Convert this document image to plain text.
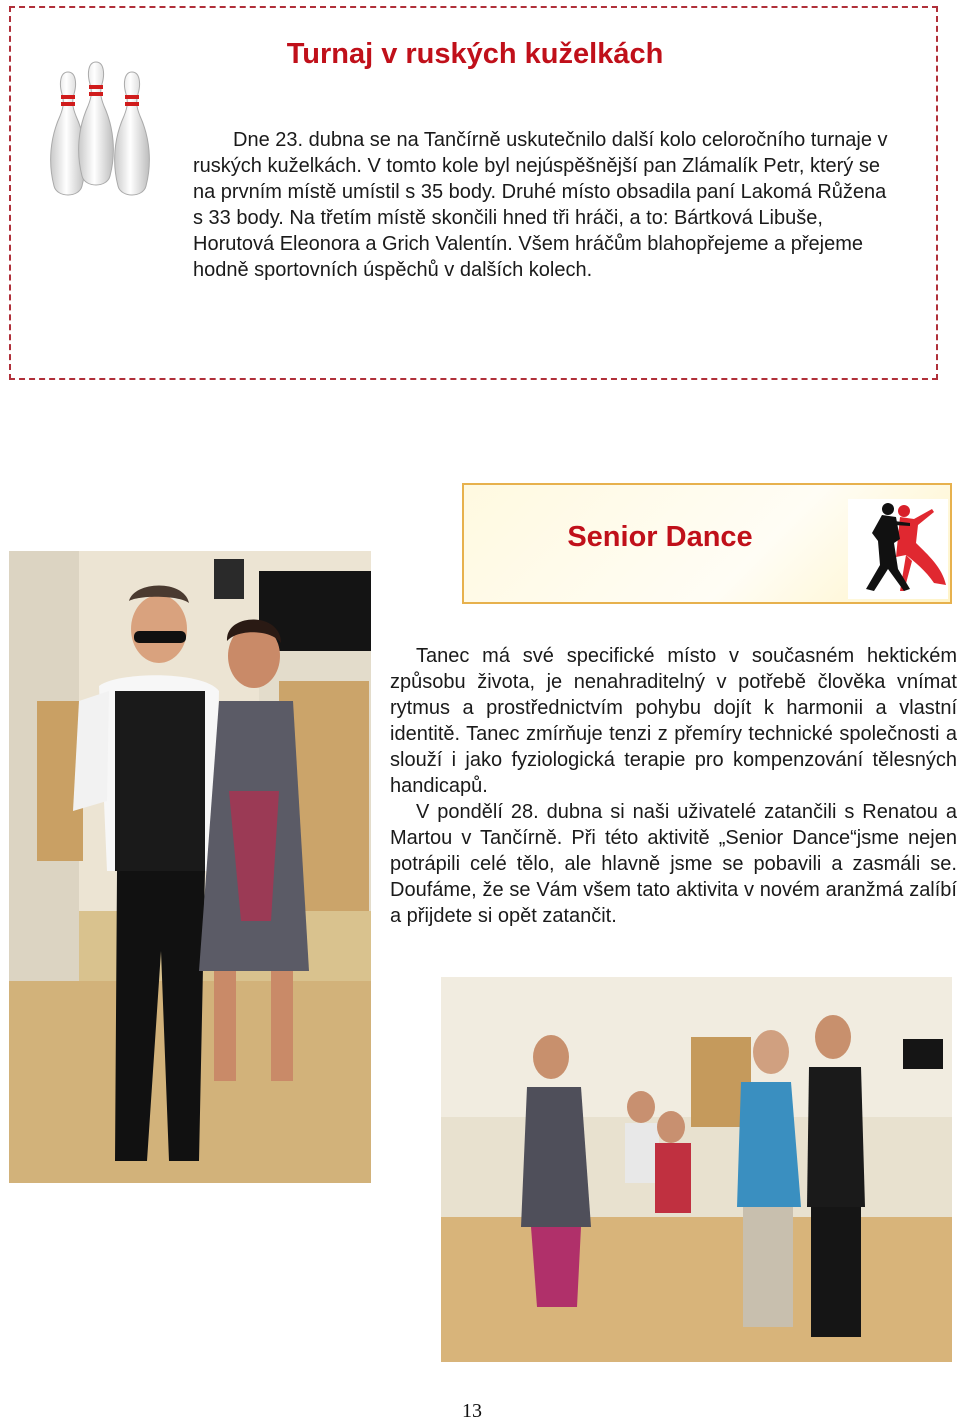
Turnaj v ruských kuželkách
Dne 23. dubna se na Tančírně uskutečnilo další kolo celoročního turnaje v ruských kuželkách. V tomto kole byl nejúspěšnější pan Zlámalík Petr, který se na prvním místě umístil s 35 body. Druhé místo obsadila paní Lakomá Růžena s 33 body. Na třetím místě skončili hned tři hráči, a to: Bártková Libuše, Horutová Eleonora a Grich Valentín. Všem hráčům blahopřejeme a přejeme hodně sportovních úspěchů v dalších kolech.
Senior Dance

Tanec má své specifické místo v současném hektickém způsobu života, je nenahraditelný v potřebě člověka vnímat rytmus a prostřednictvím pohybu dojít k harmonii a vlastní identitě. Tanec zmírňuje tenzi z přemíry technické společnosti a slouží i jako fyziologická terapie pro kompenzování tělesných handicapů.

V pondělí 28. dubna si naši uživatelé zatančili s Renatou a Martou v Tančírně. Při této aktivitě „Senior Dance“jsme nejen potrápili celé tělo, ale hlavně jsme se pobavili a zasmáli se. Doufáme, že se Vám všem tato aktivita v novém aranžmá zalíbí a přijdete si opět zatančit.

13
